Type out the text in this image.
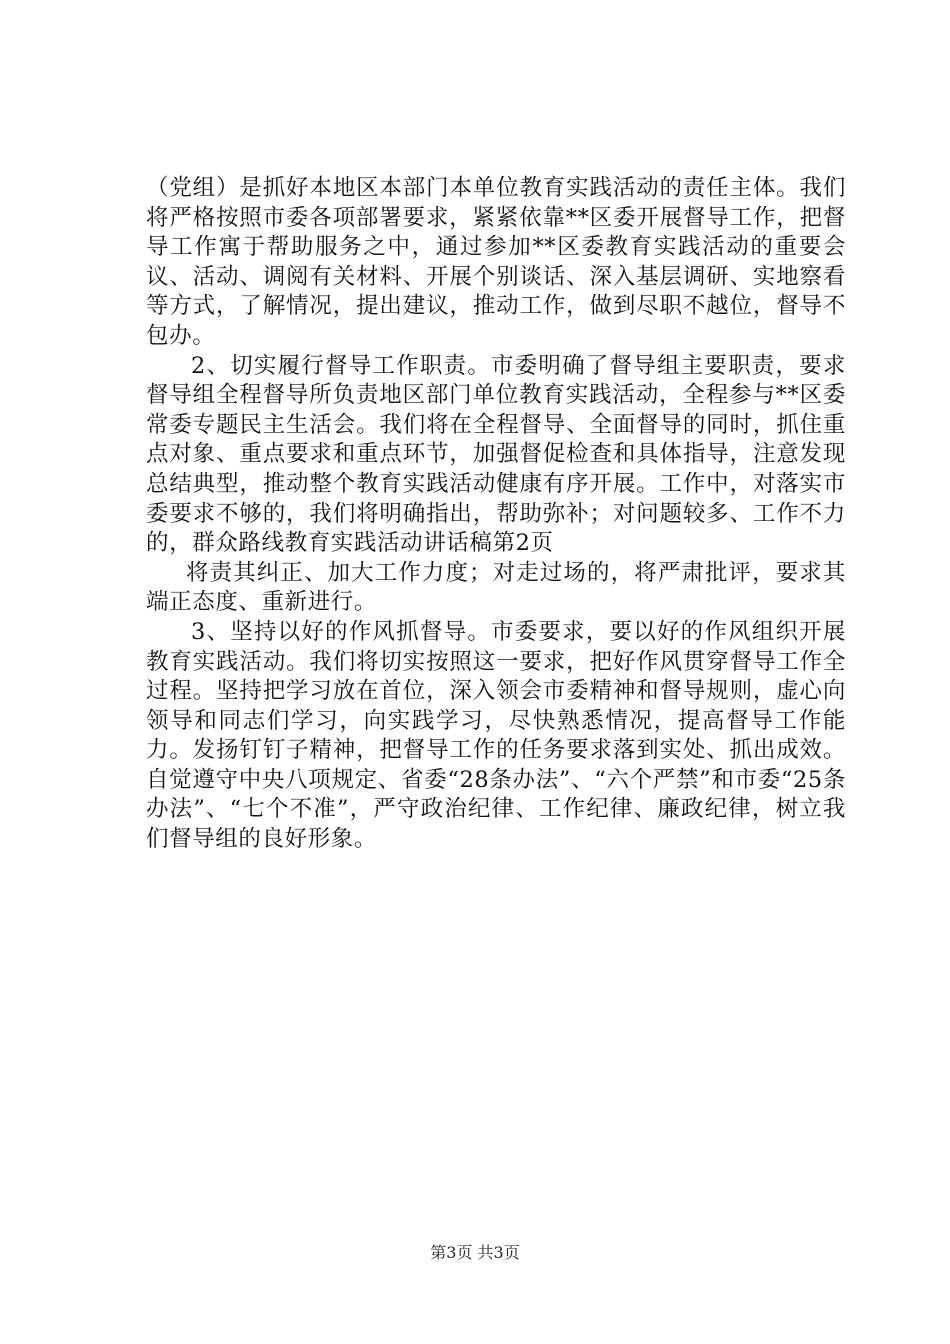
（党组）是抓好本地区本部门本单位教育实践活动的责任主体。我们将严格按照市委各项部署要求，紧紧依靠**区委开展督导工作，把督导工作寓于帮助服务之中，通过参加**区委教育实践活动的重要会议、活动、调阅有关材料、开展个别谈话、深入基层调研、实地察看等方式，了解情况，提出建议，推动工作，做到尽职不越位，督导不包办。

2、切实履行督导工作职责。市委明确了督导组主要职责，要求督导组全程督导所负责地区部门单位教育实践活动，全程参与**区委常委专题民主生活会。我们将在全程督导、全面督导的同时，抓住重点对象、重点要求和重点环节，加强督促检查和具体指导，注意发现总结典型，推动整个教育实践活动健康有序开展。工作中，对落实市委要求不够的，我们将明确指出，帮助弥补；对问题较多、工作不力的，群众路线教育实践活动讲话稿第2页

将责其纠正、加大工作力度；对走过场的，将严肃批评，要求其端正态度、重新进行。

3、坚持以好的作风抓督导。市委要求，要以好的作风组织开展教育实践活动。我们将切实按照这一要求，把好作风贯穿督导工作全过程。坚持把学习放在首位，深入领会市委精神和督导规则，虚心向领导和同志们学习，向实践学习，尽快熟悉情况，提高督导工作能力。发扬钉钉子精神，把督导工作的任务要求落到实处、抓出成效。自觉遵守中央八项规定、省委“28条办法”、“六个严禁”和市委“25条办法”、“七个不准”，严守政治纪律、工作纪律、廉政纪律，树立我们督导组的良好形象。

第3页 共3页
